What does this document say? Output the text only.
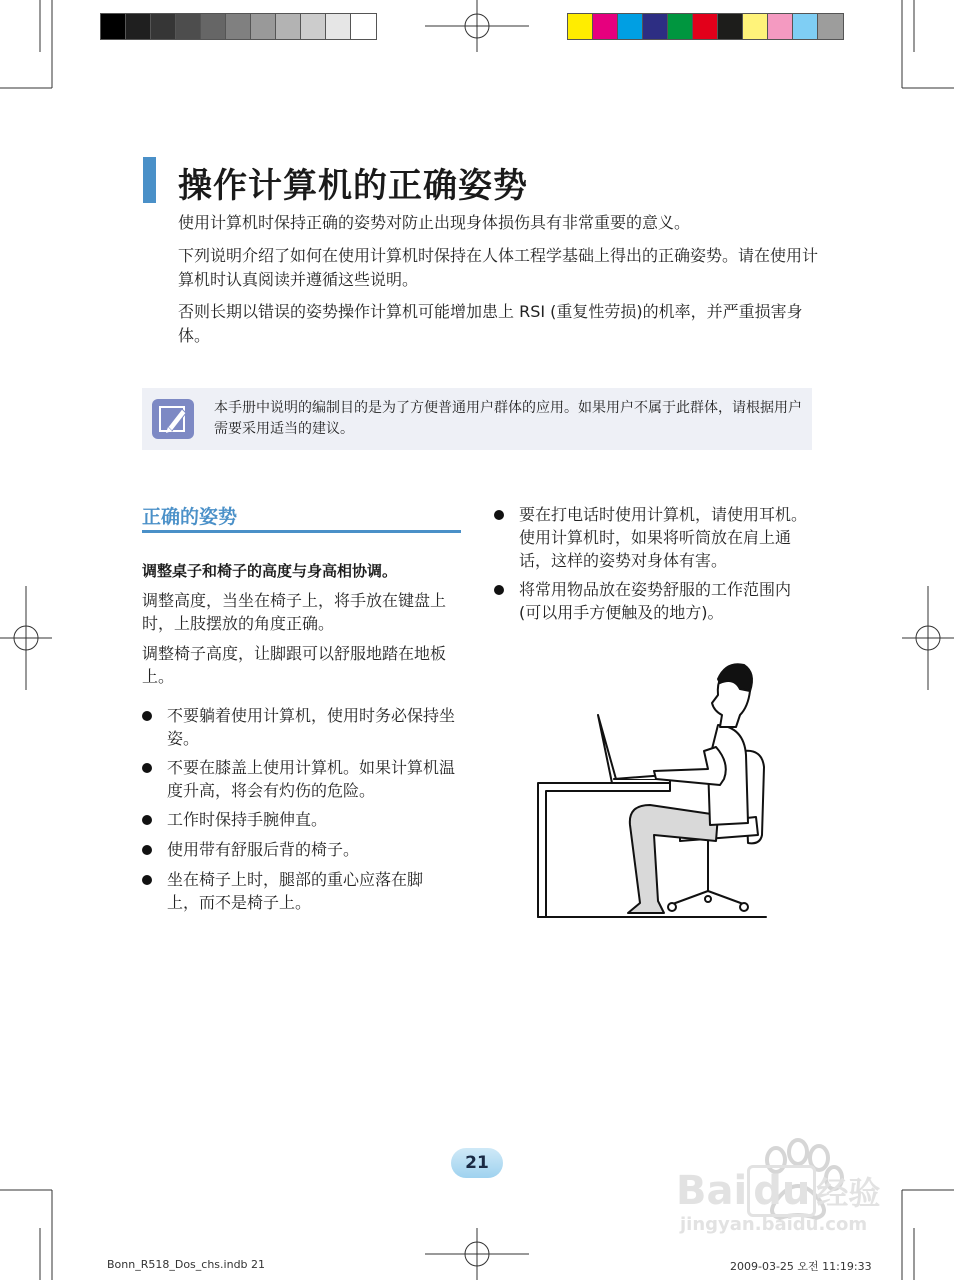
操作计算机的正确姿势
使用计算机时保持正确的姿势对防止出现身体损伤具有非常重要的意义。
下列说明介绍了如何在使用计算机时保持在人体工程学基础上得出的正确姿势。请在使用计算机时认真阅读并遵循这些说明。
否则长期以错误的姿势操作计算机可能增加患上 RSI (重复性劳损)的机率，并严重损害身体。
本手册中说明的编制目的是为了方便普通用户群体的应用。如果用户不属于此群体，请根据用户需要采用适当的建议。
正确的姿势
调整桌子和椅子的高度与身高相协调。
调整高度，当坐在椅子上，将手放在键盘上时，上肢摆放的角度正确。
调整椅子高度，让脚跟可以舒服地踏在地板上。
不要躺着使用计算机，使用时务必保持坐姿。
不要在膝盖上使用计算机。如果计算机温度升高，将会有灼伤的危险。
工作时保持手腕伸直。
使用带有舒服后背的椅子。
坐在椅子上时，腿部的重心应落在脚上，而不是椅子上。
要在打电话时使用计算机，请使用耳机。使用计算机时，如果将听筒放在肩上通话，这样的姿势对身体有害。
将常用物品放在姿势舒服的工作范围内(可以用手方便触及的地方)。
21
Bonn_R518_Dos_chs.indb 21	2009-03-25 오전 11:19:33
Bai du 经验
jingyan.baidu.com
